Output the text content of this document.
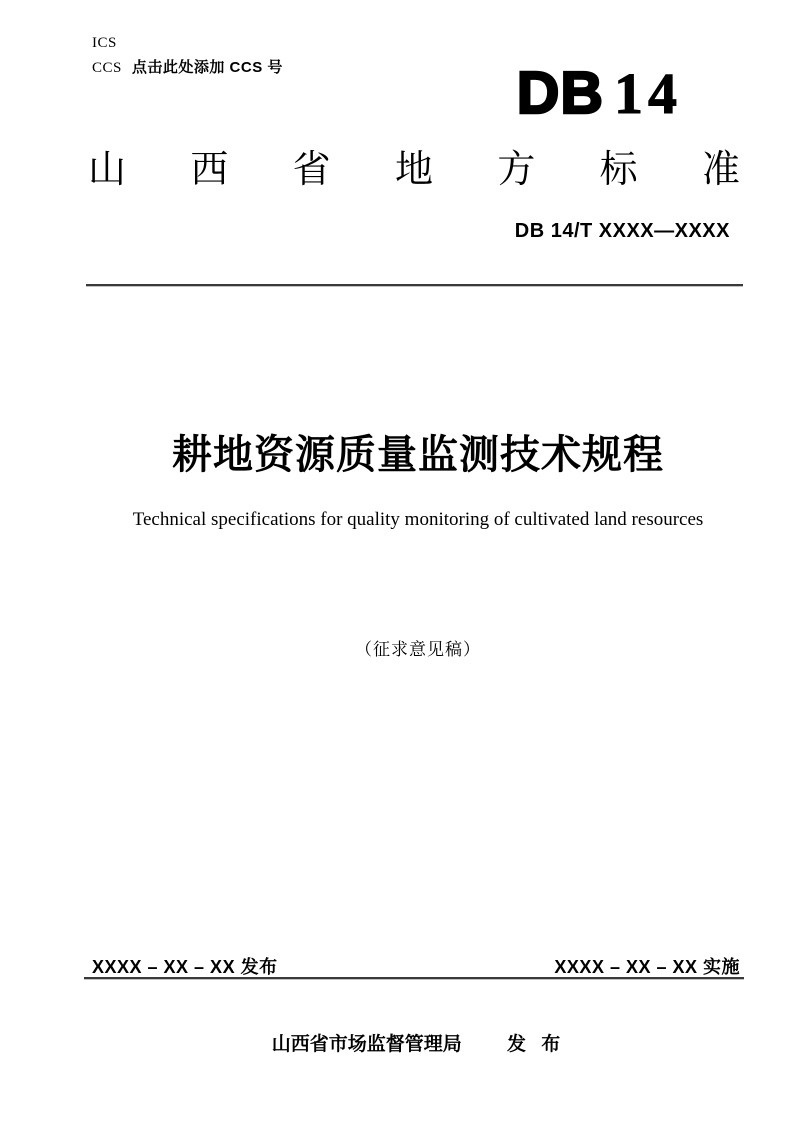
ICS
CCS 点击此处添加 CCS 号	DB 14
山 西 省 地 方 标 准
DB 14/T XXXX—XXXX
耕地资源质量监测技术规程
Technical specifications for quality monitoring of cultivated land resources
（征求意见稿）
XXXX – XX – XX 发布	XXXX – XX – XX 实施
山西省市场监督管理局 发 布
